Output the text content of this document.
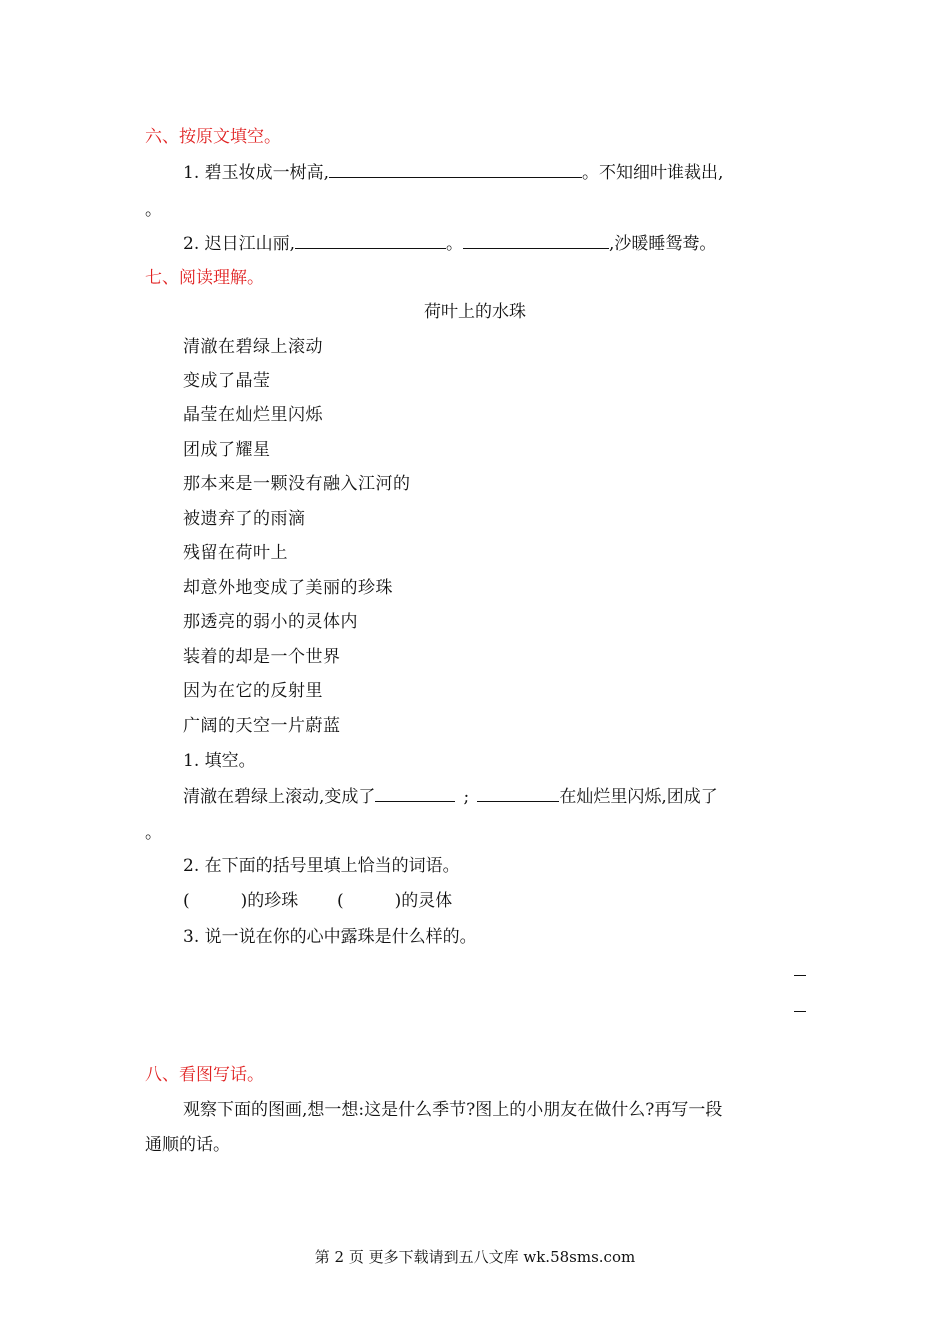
六、按原文填空。
1. 碧玉妆成一树高,	。不知细叶谁裁出,
。
2. 迟日江山丽,	。	,沙暖睡鸳鸯。
七、阅读理解。
荷叶上的水珠
清澈在碧绿上滚动
变成了晶莹
晶莹在灿烂里闪烁
团成了耀星
那本来是一颗没有融入江河的
被遗弃了的雨滴
残留在荷叶上
却意外地变成了美丽的珍珠
那透亮的弱小的灵体内
装着的却是一个世界
因为在它的反射里
广阔的天空一片蔚蓝
1. 填空。
清澈在碧绿上滚动,变成了	;	在灿烂里闪烁,团成了
。
2. 在下面的括号里填上恰当的词语。
(　　　)的珍珠 (　　　)的灵体
3. 说一说在你的心中露珠是什么样的。
八、看图写话。
观察下面的图画,想一想:这是什么季节?图上的小朋友在做什么?再写一段
通顺的话。
第 2 页 更多下载请到五八文库 wk.58sms.com
